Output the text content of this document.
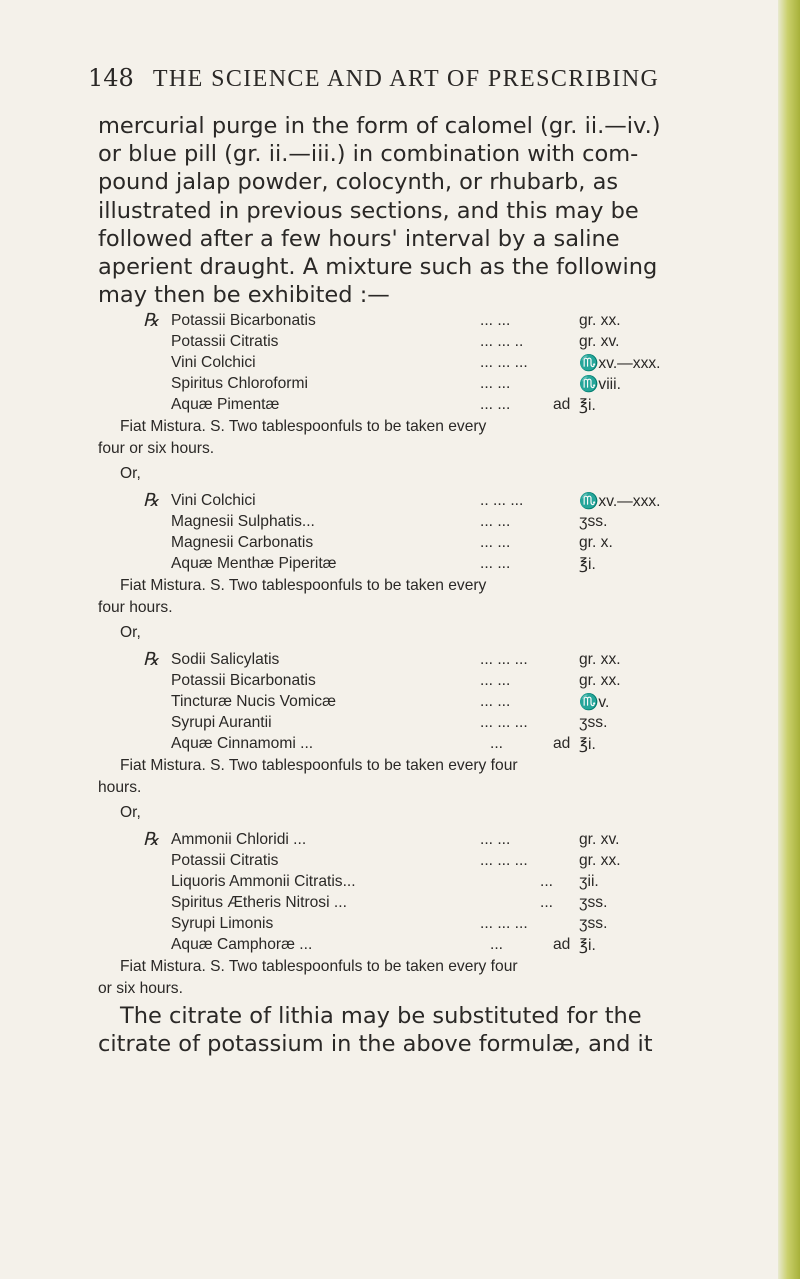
148 THE SCIENCE AND ART OF PRESCRIBING
mercurial purge in the form of calomel (gr. ii.—iv.)
or blue pill (gr. ii.—iii.) in combination with com-
pound jalap powder, colocynth, or rhubarb, as
illustrated in previous sections, and this may be
followed after a few hours' interval by a saline
aperient draught. A mixture such as the following
may then be exhibited :—
℞ Potassii Bicarbonatis	... ...	gr. xx.
Potassii Citratis	... ... ..	gr. xv.
Vini Colchici	... ... ...	♏xv.—xxx.
Spiritus Chloroformi	... ...	♏viii.
Aquæ Pimentæ	... ...	ad ℥i.
Fiat Mistura. S. Two tablespoonfuls to be taken every
four or six hours.
Or,
℞ Vini Colchici	.. ... ...	♏xv.—xxx.
Magnesii Sulphatis...	... ...	ʒss.
Magnesii Carbonatis	... ...	gr. x.
Aquæ Menthæ Piperitæ	... ...	℥i.
Fiat Mistura. S. Two tablespoonfuls to be taken every
four hours.
Or,
℞ Sodii Salicylatis	... ... ...	gr. xx.
Potassii Bicarbonatis	... ...	gr. xx.
Tincturæ Nucis Vomicæ	... ...	♏v.
Syrupi Aurantii	... ... ...	ʒss.
Aquæ Cinnamomi ...	...	ad ℥i.
Fiat Mistura. S. Two tablespoonfuls to be taken every four
hours.
Or,
℞ Ammonii Chloridi ...	... ...	gr. xv.
Potassii Citratis	... ... ...	gr. xx.
Liquoris Ammonii Citratis...	... ʒii.
Spiritus Ætheris Nitrosi ...	... ʒss.
Syrupi Limonis	... ... ...	ʒss.
Aquæ Camphoræ ...	...	ad ℥i.
Fiat Mistura. S. Two tablespoonfuls to be taken every four
or six hours.
The citrate of lithia may be substituted for the
citrate of potassium in the above formulæ, and it
